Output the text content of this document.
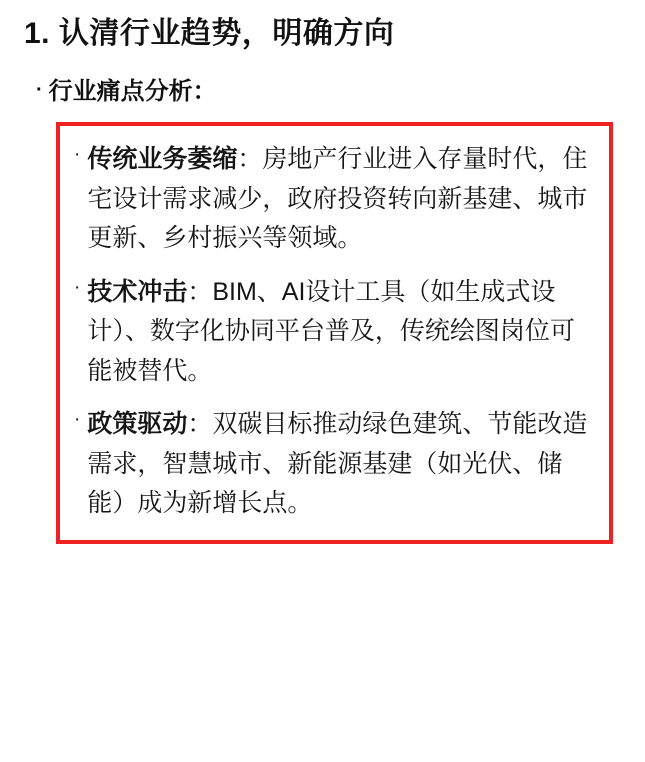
1. 认清行业趋势，明确方向
· 行业痛点分析：
· 传统业务萎缩：房地产行业进入存量时代，住宅设计需求减少，政府投资转向新基建、城市更新、乡村振兴等领域。
· 技术冲击：BIM、AI设计工具（如生成式设计）、数字化协同平台普及，传统绘图岗位可能被替代。
· 政策驱动：双碳目标推动绿色建筑、节能改造需求，智慧城市、新能源基建（如光伏、储能）成为新增长点。
